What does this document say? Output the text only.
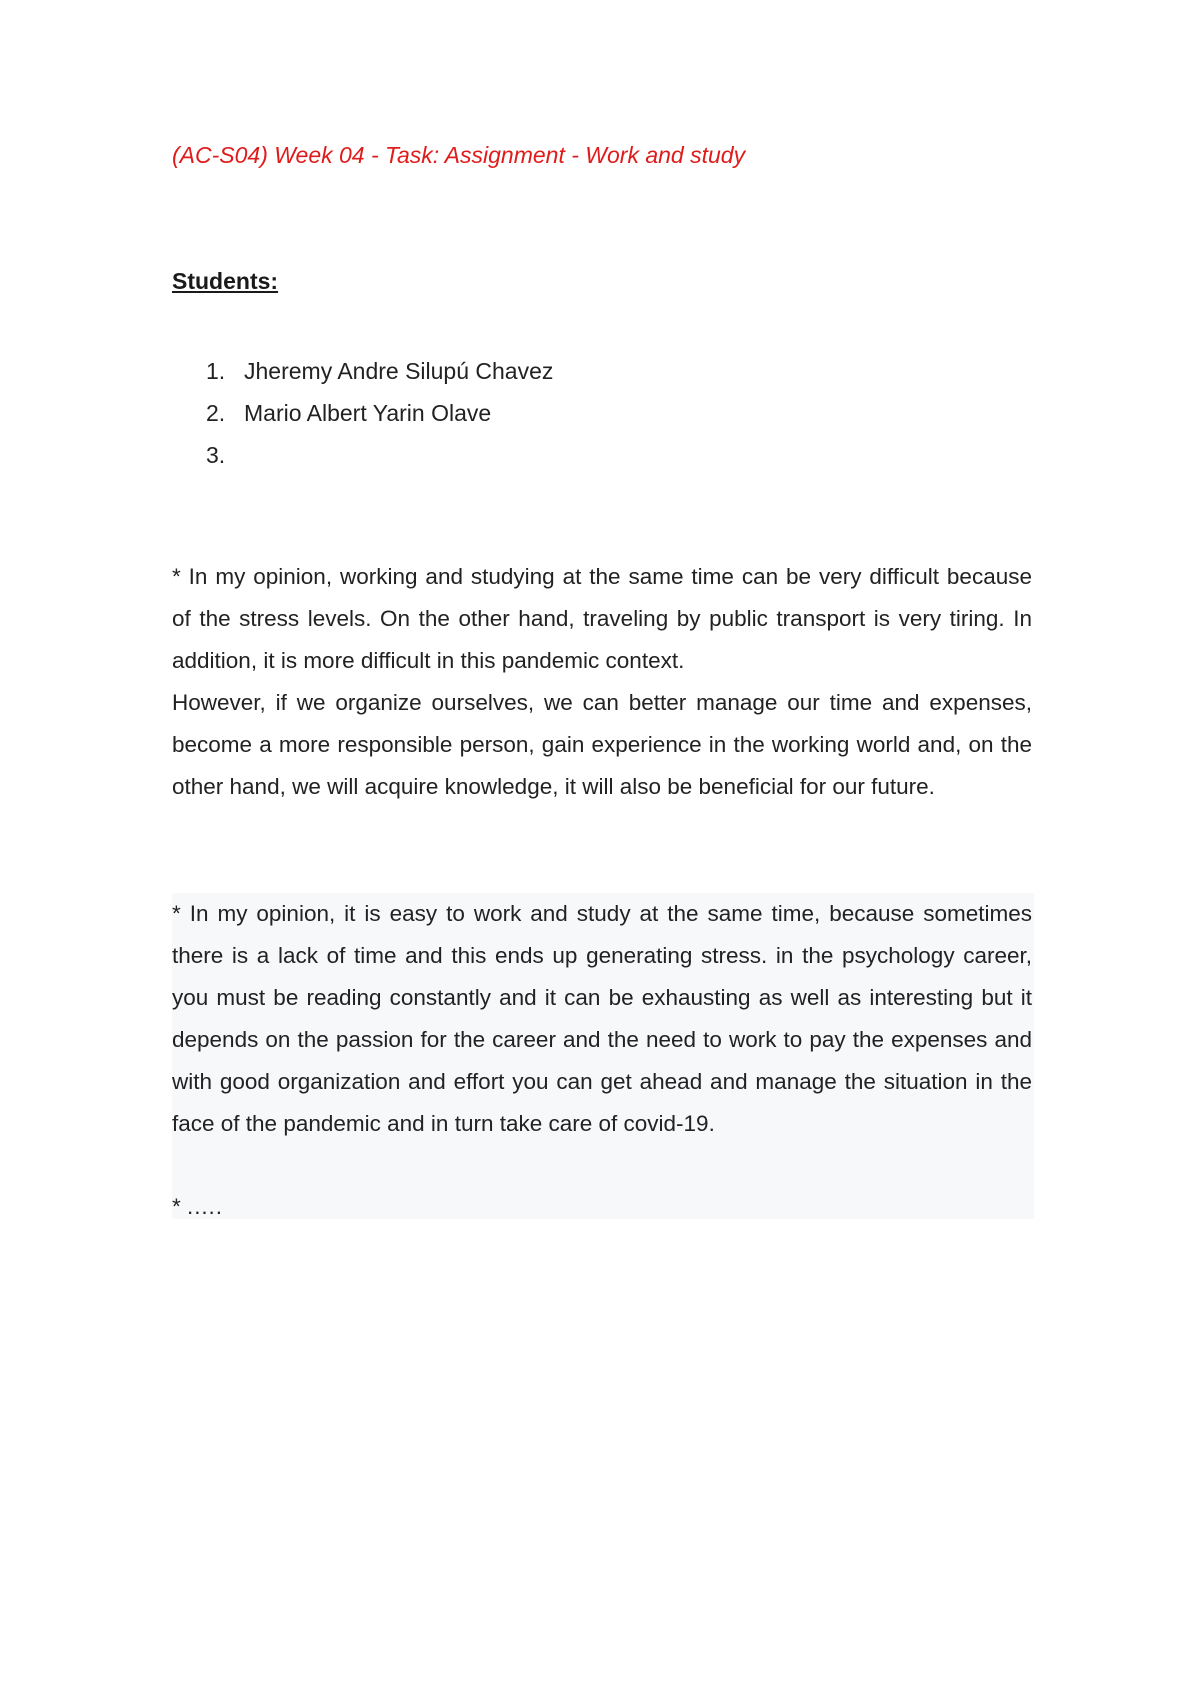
(AC-S04) Week 04 - Task: Assignment - Work and study
Students:
1. Jheremy Andre Silupú Chavez
2. Mario Albert Yarin Olave
3.

* In my opinion, working and studying at the same time can be very difficult because of the stress levels. On the other hand, traveling by public transport is very tiring. In addition, it is more difficult in this pandemic context.

However, if we organize ourselves, we can better manage our time and expenses, become a more responsible person, gain experience in the working world and, on the other hand, we will acquire knowledge, it will also be beneficial for our future.

* In my opinion, it is easy to work and study at the same time, because sometimes there is a lack of time and this ends up generating stress. in the psychology career, you must be reading constantly and it can be exhausting as well as interesting but it depends on the passion for the career and the need to work to pay the expenses and with good organization and effort you can get ahead and manage the situation in the face of the pandemic and in turn take care of covid-19.

* .….
